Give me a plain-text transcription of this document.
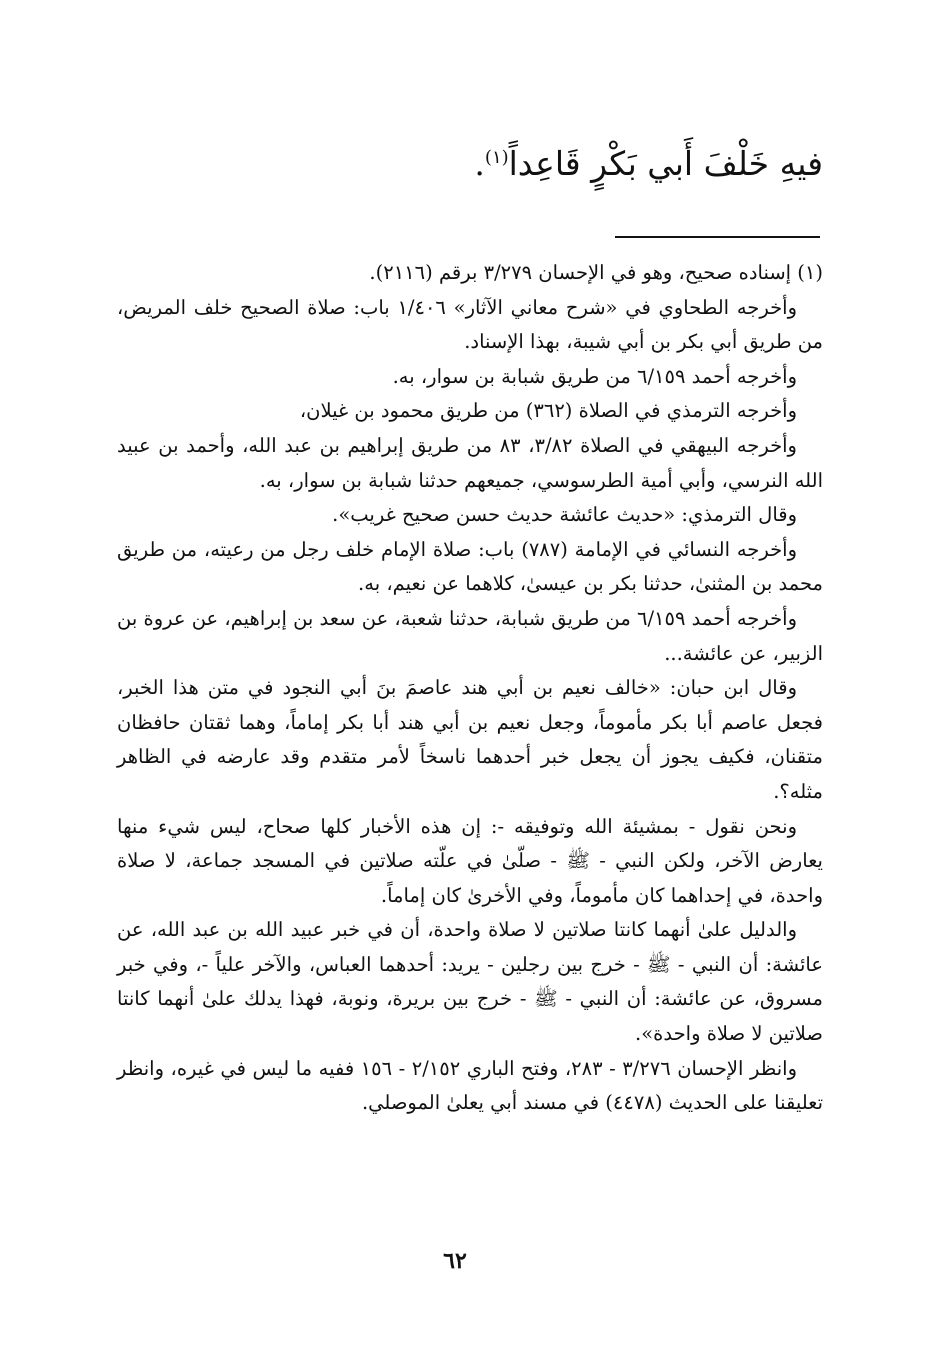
فيهِ خَلْفَ أَبي بَكْرٍ قَاعِداً$^{(١)}$.

(١) إسناده صحيح، وهو في الإحسان ٣/٢٧٩ برقم (٢١١٦).

وأخرجه الطحاوي في «شرح معاني الآثار» ١/٤٠٦ باب: صلاة الصحيح خلف المريض، من طريق أبي بكر بن أبي شيبة، بهذا الإسناد.

وأخرجه أحمد ٦/١٥٩ من طريق شبابة بن سوار، به.

وأخرجه الترمذي في الصلاة (٣٦٢) من طريق محمود بن غيلان،

وأخرجه البيهقي في الصلاة ٣/٨٢، ٨٣ من طريق إبراهيم بن عبد الله، وأحمد بن عبيد الله النرسي، وأبي أمية الطرسوسي، جميعهم حدثنا شبابة بن سوار، به.

وقال الترمذي: «حديث عائشة حديث حسن صحيح غريب».

وأخرجه النسائي في الإمامة (٧٨٧) باب: صلاة الإمام خلف رجل من رعيته، من طريق محمد بن المثنىٰ، حدثنا بكر بن عيسىٰ، كلاهما عن نعيم، به.

وأخرجه أحمد ٦/١٥٩ من طريق شبابة، حدثنا شعبة، عن سعد بن إبراهيم، عن عروة بن الزبير، عن عائشة...

وقال ابن حبان: «خالف نعيم بن أبي هند عاصمَ بنَ أبي النجود في متن هذا الخبر، فجعل عاصم أبا بكر مأموماً، وجعل نعيم بن أبي هند أبا بكر إماماً، وهما ثقتان حافظان متقنان، فكيف يجوز أن يجعل خبر أحدهما ناسخاً لأمر متقدم وقد عارضه في الظاهر مثله؟.

ونحن نقول - بمشيئة الله وتوفيقه -: إن هذه الأخبار كلها صحاح، ليس شيء منها يعارض الآخر، ولكن النبي - ﷺ - صلّىٰ في علّته صلاتين في المسجد جماعة، لا صلاة واحدة، في إحداهما كان مأموماً، وفي الأخرىٰ كان إماماً.

والدليل علىٰ أنهما كانتا صلاتين لا صلاة واحدة، أن في خبر عبيد الله بن عبد الله، عن عائشة: أن النبي - ﷺ - خرج بين رجلين - يريد: أحدهما العباس، والآخر علياً -، وفي خبر مسروق، عن عائشة: أن النبي - ﷺ - خرج بين بريرة، ونوبة، فهذا يدلك علىٰ أنهما كانتا صلاتين لا صلاة واحدة».

وانظر الإحسان ٣/٢٧٦ - ٢٨٣، وفتح الباري ٢/١٥٢ - ١٥٦ ففيه ما ليس في غيره، وانظر تعليقنا على الحديث (٤٤٧٨) في مسند أبي يعلىٰ الموصلي.

٦٢
